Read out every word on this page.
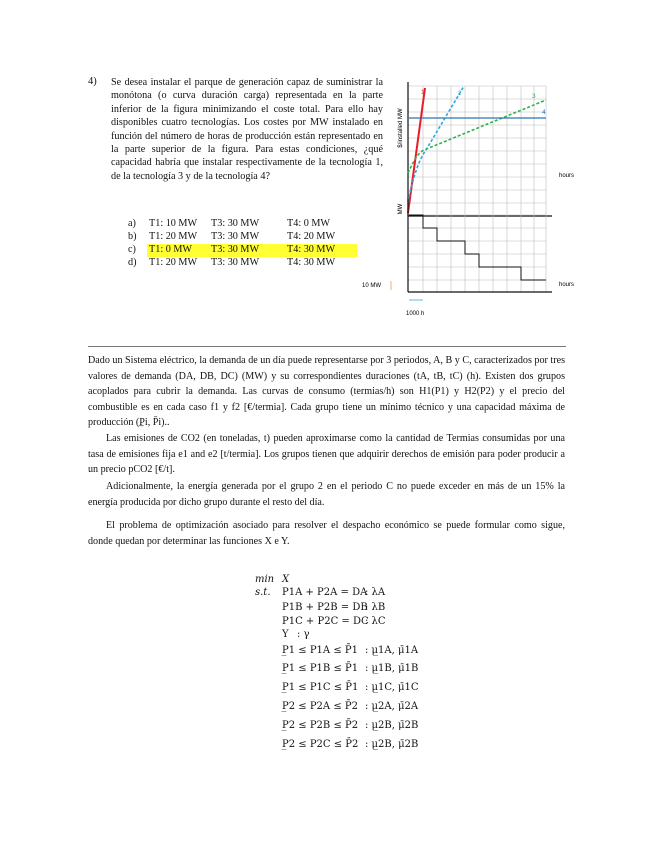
4) Se desea instalar el parque de generación capaz de suministrar la monótona (o curva duración carga) representada en la parte inferior de la figura minimizando el coste total. Para ello hay disponibles cuatro tecnologías. Los costes por MW instalado en función del número de horas de producción están representado en la parte superior de la figura. Para estas condiciones, ¿qué capacidad habría que instalar respectivamente de la tecnología 1, de la tecnología 3 y de la tecnología 4?
a) T1: 10 MW T3: 30 MW	T4: 0 MW
b) T1: 20 MW T3: 30 MW	T4: 20 MW
c) T1: 0 MW T3: 30 MW	T4: 30 MW
d) T1: 20 MW T3: 30 MW	T4: 30 MW
$/installed MW
hours
1	2	3
4
MW
hours
10 MW
1000 h
Dado un Sistema eléctrico, la demanda de un día puede representarse por 3 periodos, A, B y C, caracterizados por tres valores de demanda (DA, DB, DC) (MW) y su correspondientes duraciones (tA, tB, tC) (h). Existen dos grupos acoplados para cubrir la demanda. Las curvas de consumo (termias/h) son H1(P1) y H2(P2) y el precio del combustible es en cada caso f1 y f2 [€/termia]. Cada grupo tiene un mínimo técnico y una capacidad máxima de producción (P̲i, P̄i)..
Las emisiones de CO2 (en toneladas, t) pueden aproximarse como la cantidad de Termias consumidas por una tasa de emisiones fija e1 and e2 [t/termia]. Los grupos tienen que adquirir derechos de emisión para poder producir a un precio pCO2 [€/t].
Adicionalmente, la energía generada por el grupo 2 en el periodo C no puede exceder en más de un 15% la energía producida por dicho grupo durante el resto del día.
El problema de optimización asociado para resolver el despacho económico se puede formular como sigue, donde quedan por determinar las funciones X e Y.
min X
s.t. P1A + P2A = DA
: λA
P1B + P2B = DB
: λB
P1C + P2C = DC
: λC
Y : γ
P̲1 ≤ P1A ≤ P̄1 : μ̲1A, μ̄1A
P̲1 ≤ P1B ≤ P̄1 : μ̲1B, μ̄1B
P̲1 ≤ P1C ≤ P̄1 : μ̲1C, μ̄1C
P̲2 ≤ P2A ≤ P̄2 : μ̲2A, μ̄2A
P̲2 ≤ P2B ≤ P̄2 : μ̲2B, μ̄2B
P̲2 ≤ P2C ≤ P̄2 : μ̲2B, μ̄2B
